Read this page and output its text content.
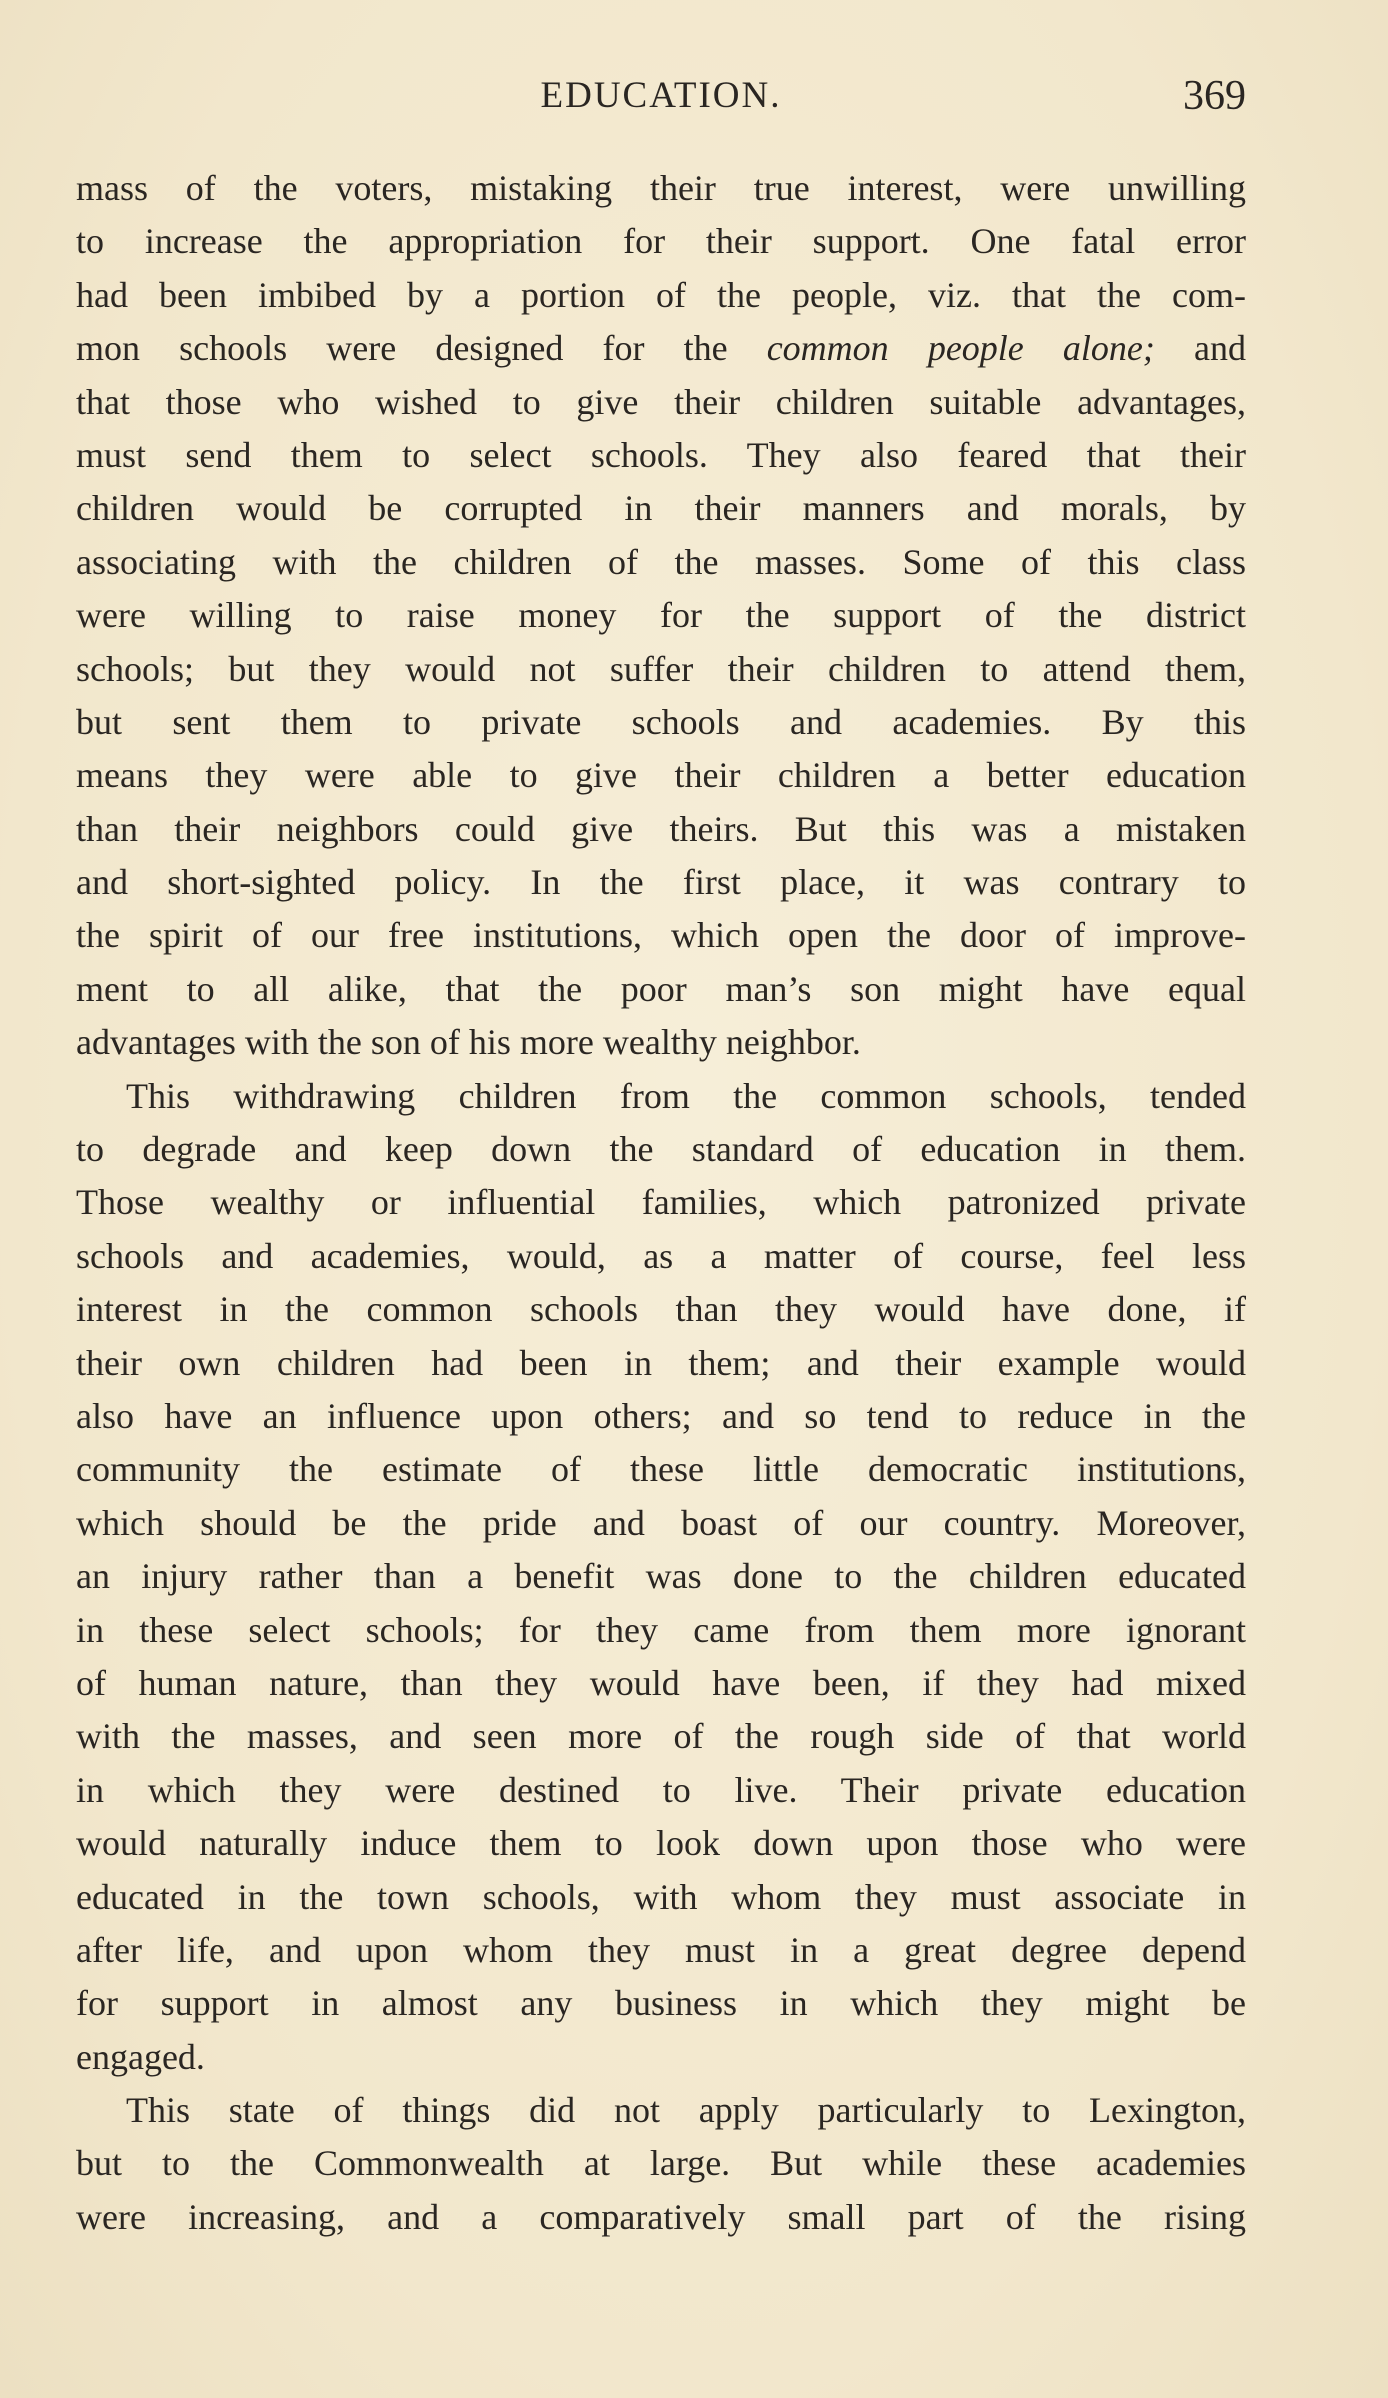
EDUCATION.	369
mass of the voters, mistaking their true interest, were unwilling
to increase the appropriation for their support. One fatal error
had been imbibed by a portion of the people, viz. that the com-
mon schools were designed for the common people alone; and
that those who wished to give their children suitable advantages,
must send them to select schools. They also feared that their
children would be corrupted in their manners and morals, by
associating with the children of the masses. Some of this class
were willing to raise money for the support of the district
schools; but they would not suffer their children to attend them,
but sent them to private schools and academies. By this
means they were able to give their children a better education
than their neighbors could give theirs. But this was a mistaken
and short-sighted policy. In the first place, it was contrary to
the spirit of our free institutions, which open the door of improve-
ment to all alike, that the poor man’s son might have equal
advantages with the son of his more wealthy neighbor.
This withdrawing children from the common schools, tended
to degrade and keep down the standard of education in them.
Those wealthy or influential families, which patronized private
schools and academies, would, as a matter of course, feel less
interest in the common schools than they would have done, if
their own children had been in them; and their example would
also have an influence upon others; and so tend to reduce in the
community the estimate of these little democratic institutions,
which should be the pride and boast of our country. Moreover,
an injury rather than a benefit was done to the children educated
in these select schools; for they came from them more ignorant
of human nature, than they would have been, if they had mixed
with the masses, and seen more of the rough side of that world
in which they were destined to live. Their private education
would naturally induce them to look down upon those who were
educated in the town schools, with whom they must associate in
after life, and upon whom they must in a great degree depend
for support in almost any business in which they might be
engaged.
This state of things did not apply particularly to Lexington,
but to the Commonwealth at large. But while these academies
were increasing, and a comparatively small part of the rising
